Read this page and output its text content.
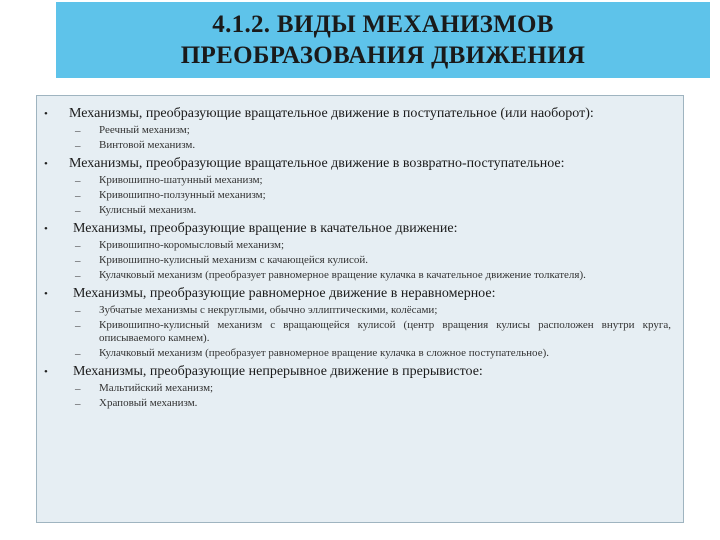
4.1.2. ВИДЫ МЕХАНИЗМОВ
ПРЕОБРАЗОВАНИЯ ДВИЖЕНИЯ
• Механизмы, преобразующие вращательное движение в поступательное (или наоборот):

– Реечный механизм;
– Винтовой механизм.
• Механизмы, преобразующие вращательное движение в возвратно-поступательное:

– Кривошипно-шатунный механизм;
– Кривошипно-ползунный механизм;
– Кулисный механизм.
• Механизмы, преобразующие вращение в качательное движение:

– Кривошипно-коромысловый механизм;
– Кривошипно-кулисный механизм с качающейся кулисой.
– Кулачковый механизм (преобразует равномерное вращение кулачка в качательное движение толкателя).
• Механизмы, преобразующие равномерное движение в неравномерное:

– Зубчатые механизмы с некруглыми, обычно эллиптическими, колёсами;
– Кривошипно-кулисный механизм с вращающейся кулисой (центр вращения кулисы расположен внутри круга, описываемого камнем).
– Кулачковый механизм (преобразует равномерное вращение кулачка в сложное поступательное).
• Механизмы, преобразующие непрерывное движение в прерывистое:

– Мальтийский механизм;
– Храповый механизм.
